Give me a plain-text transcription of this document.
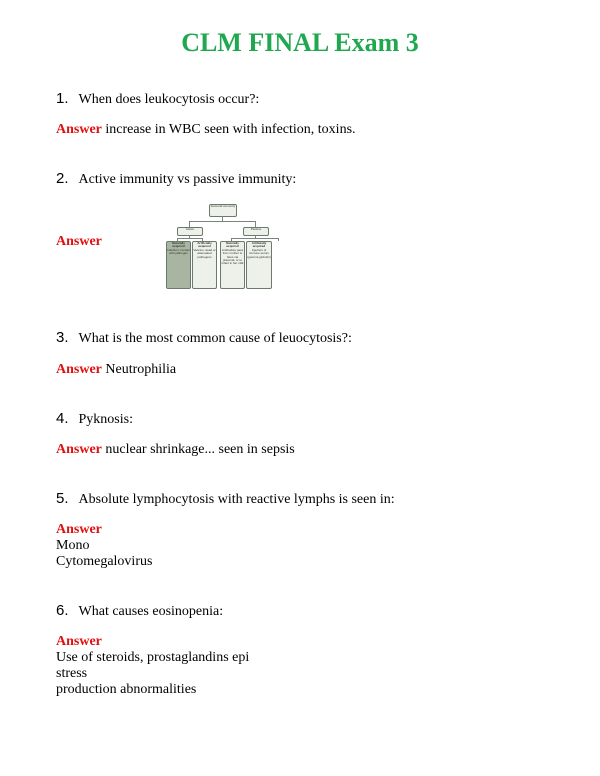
CLM FINAL Exam 3
1. When does leukocytosis occur?:
Answer increase in WBC seen with infection, toxins.
2. Active immunity vs passive immunity:
Answer
Humoral immunity
Active	Passive
Naturally acquired
Infection; contact with pathogen
Artificially acquired
Vaccine; dead or attenuated pathogens
Naturally acquired
Antibodies pass from mother to fetus via placenta; or to infant in her milk
Artificially acquired
Injection of immune serum (gamma globulin)
3. What is the most common cause of leuocytosis?:
Answer Neutrophilia
4. Pyknosis:
Answer nuclear shrinkage... seen in sepsis
5. Absolute lymphocytosis with reactive lymphs is seen in:
Answer
Mono
Cytomegalovirus
6. What causes eosinopenia:
Answer
Use of steroids, prostaglandins epi
stress
production abnormalities
